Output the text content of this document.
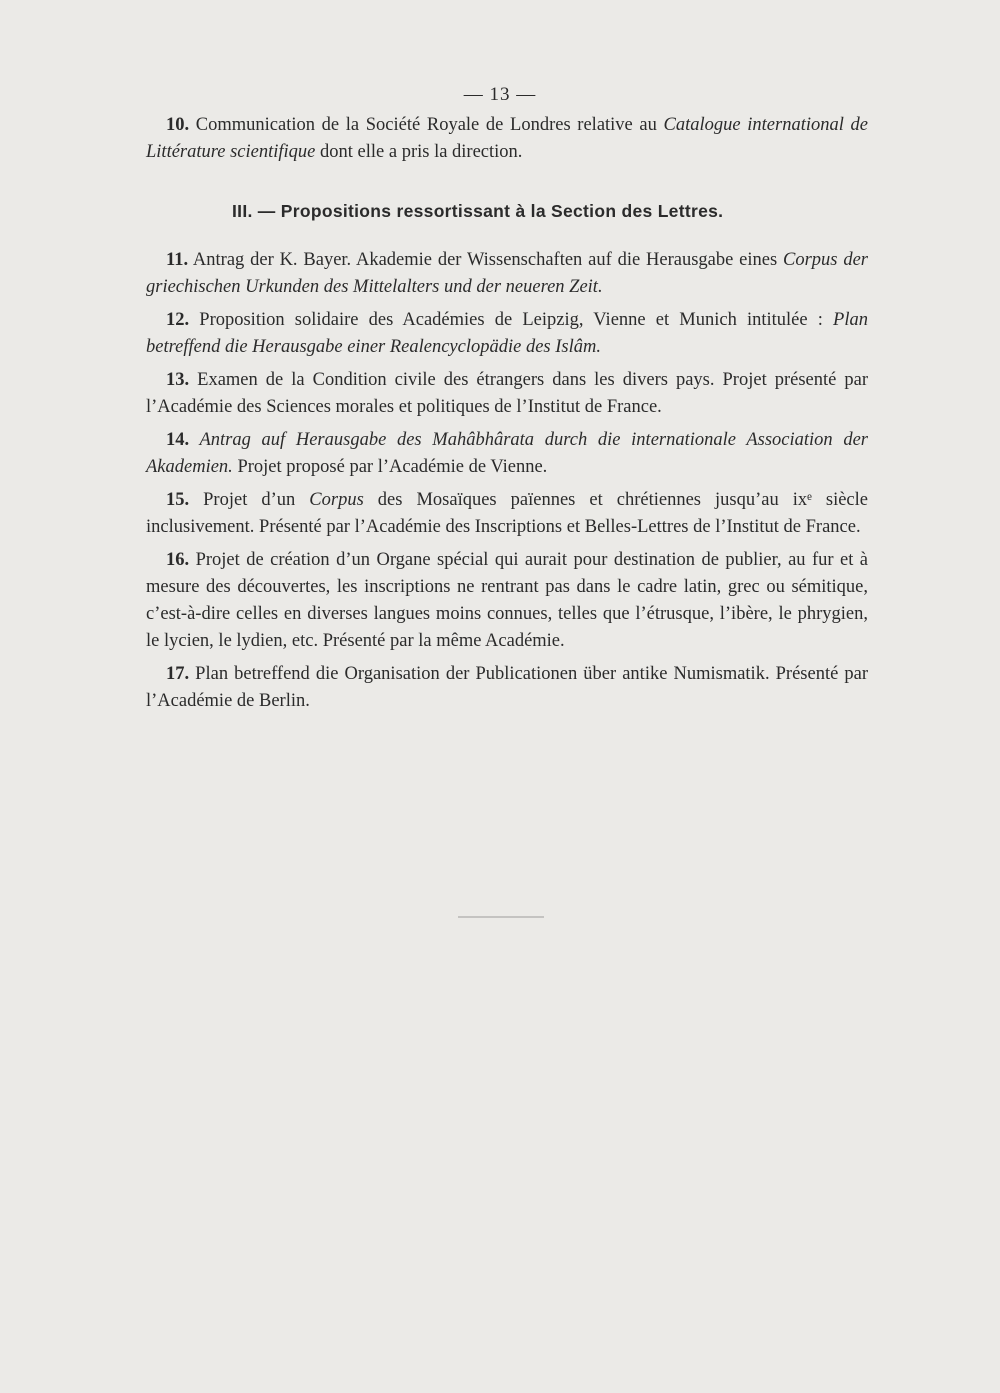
— 13 —

10. Communication de la Société Royale de Londres relative au Catalogue international de Littérature scientifique dont elle a pris la direction.

III. — Propositions ressortissant à la Section des Lettres.

11. Antrag der K. Bayer. Akademie der Wissenschaften auf die Herausgabe eines Corpus der griechischen Urkunden des Mittelalters und der neueren Zeit.

12. Proposition solidaire des Académies de Leipzig, Vienne et Munich intitulée : Plan betreffend die Herausgabe einer Realencyclopädie des Islâm.

13. Examen de la Condition civile des étrangers dans les divers pays. Projet présenté par l’Académie des Sciences morales et politiques de l’Institut de France.

14. Antrag auf Herausgabe des Mahâbhârata durch die internationale Association der Akademien. Projet proposé par l’Académie de Vienne.

15. Projet d’un Corpus des Mosaïques païennes et chrétiennes jusqu’au ixᵉ siècle inclusivement. Présenté par l’Académie des Inscriptions et Belles-Lettres de l’Institut de France.

16. Projet de création d’un Organe spécial qui aurait pour destination de publier, au fur et à mesure des découvertes, les inscriptions ne rentrant pas dans le cadre latin, grec ou sémitique, c’est-à-dire celles en diverses langues moins connues, telles que l’étrusque, l’ibère, le phrygien, le lycien, le lydien, etc. Présenté par la même Académie.

17. Plan betreffend die Organisation der Publicationen über antike Numismatik. Présenté par l’Académie de Berlin.
